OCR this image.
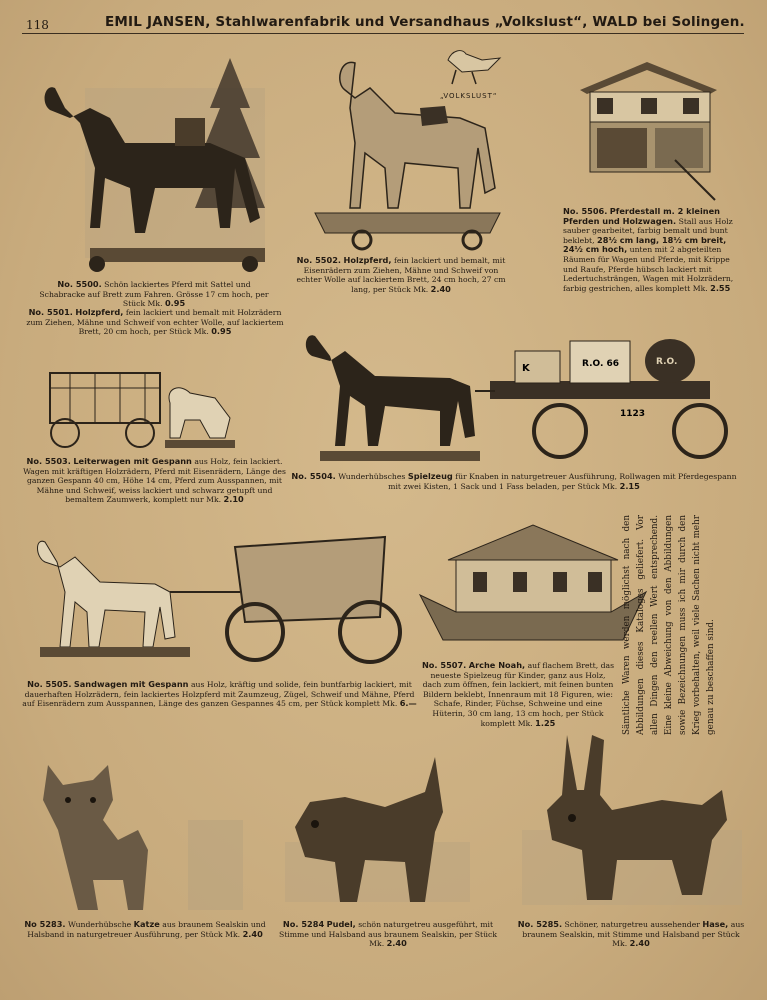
118	EMIL JANSEN, Stahlwarenfabrik und Versandhaus „Volkslust“, WALD bei Solingen.

No. 5500. Schön lackiertes Pferd mit Sattel und Schabracke auf Brett zum Fahren. Grösse 17 cm hoch, per Stück Mk. 0.95

No. 5501. Holzpferd, fein lackiert und bemalt mit Holzrädern zum Ziehen, Mähne und Schweif von echter Wolle, auf lackiertem Brett, 20 cm hoch, per Stück Mk. 0.95

„VOLKSLUST“

No. 5502. Holzpferd, fein lackiert und bemalt, mit Eisenrädern zum Ziehen, Mähne und Schweif von echter Wolle auf lackiertem Brett, 24 cm hoch, 27 cm lang, per Stück Mk. 2.40

No. 5506. Pferdestall m. 2 kleinen Pferden und Holzwagen. Stall aus Holz sauber gearbeitet, farbig bemalt und bunt beklebt, 28½ cm lang, 18½ cm breit, 24½ cm hoch, unten mit 2 abgeteilten Räumen für Wagen und Pferde, mit Krippe und Raufe, Pferde hübsch lackiert mit Ledertuchsträngen, Wagen mit Holzrädern, farbig gestrichen, alles komplett Mk. 2.55

No. 5503. Leiterwagen mit Gespann aus Holz, fein lackiert. Wagen mit kräftigen Holzrädern, Pferd mit Eisenrädern, Länge des ganzen Gespann 40 cm, Höhe 14 cm, Pferd zum Ausspannen, mit Mähne und Schweif, weiss lackiert und schwarz getupft und bemaltem Zaumwerk, komplett nur Mk. 2.10

K	R.O. 66	R.O.
1123

No. 5504. Wunderhübsches Spielzeug für Knaben in naturgetreuer Ausführung, Rollwagen mit Pferdegespann mit zwei Kisten, 1 Sack und 1 Fass beladen, per Stück Mk. 2.15

No. 5505. Sandwagen mit Gespann aus Holz, kräftig und solide, fein buntfarbig lackiert, mit dauerhaften Holzrädern, fein lackiertes Holzpferd mit Zaumzeug, Zügel, Schweif und Mähne, Pferd auf Eisenrädern zum Ausspannen, Länge des ganzen Gespannes 45 cm, per Stück komplett Mk. 6.—

No. 5507. Arche Noah, auf flachem Brett, das neueste Spielzeug für Kinder, ganz aus Holz, dach zum öffnen, fein lackiert, mit feinen bunten Bildern beklebt, Innenraum mit 18 Figuren, wie: Schafe, Rinder, Füchse, Schweine und eine Hüterin, 30 cm lang, 13 cm hoch, per Stück komplett Mk. 1.25	Sämtliche Waren werden möglichst nach den Abbildungen dieses Kataloges geliefert. Vor allen Dingen den reellen Wert entsprechend. Eine kleine Abweichung von den Abbildungen sowie Bezeichnungen muss ich mir durch den Krieg vorbehalten, weil viele Sachen nicht mehr genau zu beschaffen sind.

No 5283. Wunderhübsche Katze aus braunem Sealskin und Halsband in naturgetreuer Ausführung, per Stück Mk. 2.40

No. 5284 Pudel, schön naturgetreu ausgeführt, mit Stimme und Halsband aus braunem Sealskin, per Stück Mk. 2.40

No. 5285. Schöner, naturgetreu aussehender Hase, aus braunem Sealskin, mit Stimme und Halsband per Stück Mk. 2.40
